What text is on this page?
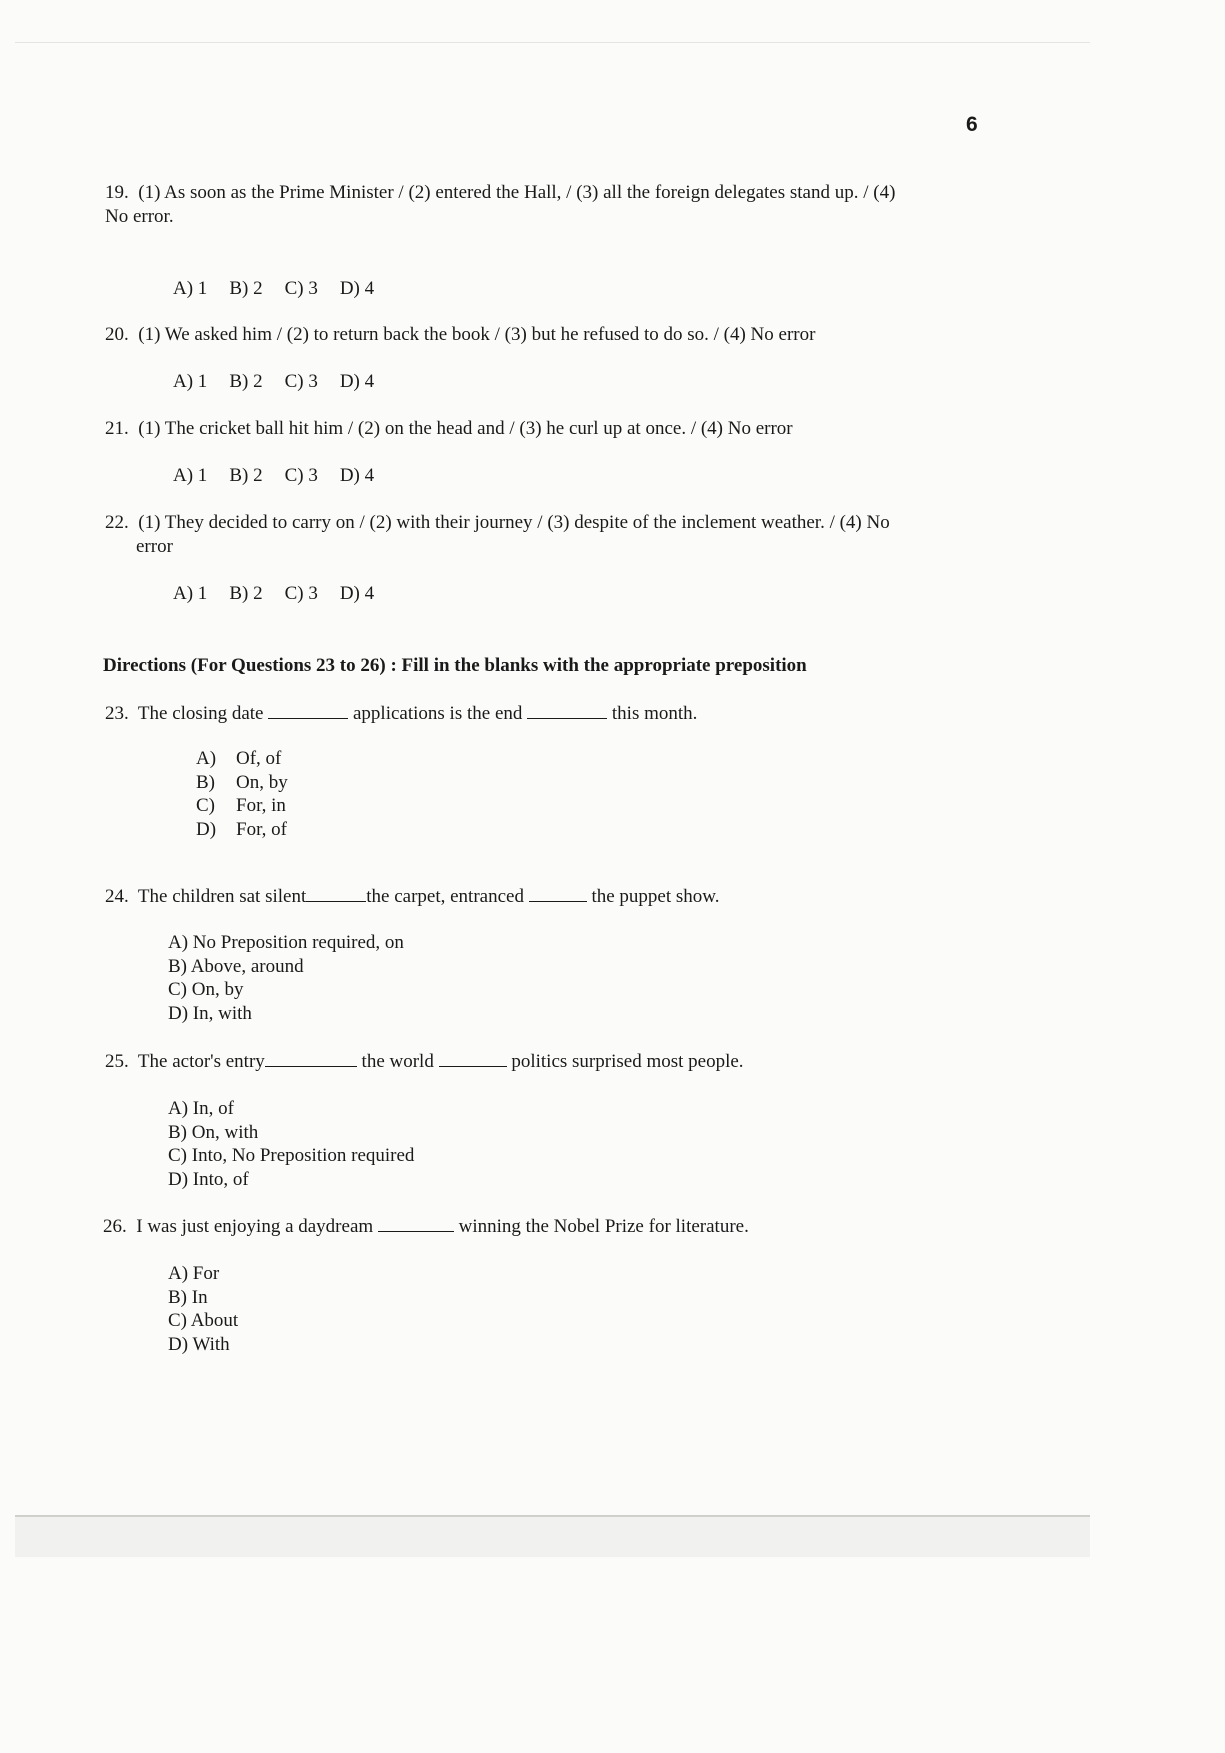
6
19. (1) As soon as the Prime Minister / (2) entered the Hall, / (3) all the foreign delegates stand up. / (4)
No error.
A) 1 B) 2 C) 3 D) 4
20. (1) We asked him / (2) to return back the book / (3) but he refused to do so. / (4) No error
A) 1 B) 2 C) 3 D) 4
21. (1) The cricket ball hit him / (2) on the head and / (3) he curl up at once. / (4) No error
A) 1 B) 2 C) 3 D) 4
22. (1) They decided to carry on / (2) with their journey / (3) despite of the inclement weather. / (4) No
error
A) 1 B) 2 C) 3 D) 4
Directions (For Questions 23 to 26) : Fill in the blanks with the appropriate preposition
23. The closing date	applications is the end	this month.
A) Of, of
B) On, by
C) For, in
D) For, of
24. The children sat silent	the carpet, entranced	the puppet show.
A) No Preposition required, on
B) Above, around
C) On, by
D) In, with
25. The actor's entry	the world	politics surprised most people.
A) In, of
B) On, with
C) Into, No Preposition required
D) Into, of
26. I was just enjoying a daydream	winning the Nobel Prize for literature.
A) For
B) In
C) About
D) With
